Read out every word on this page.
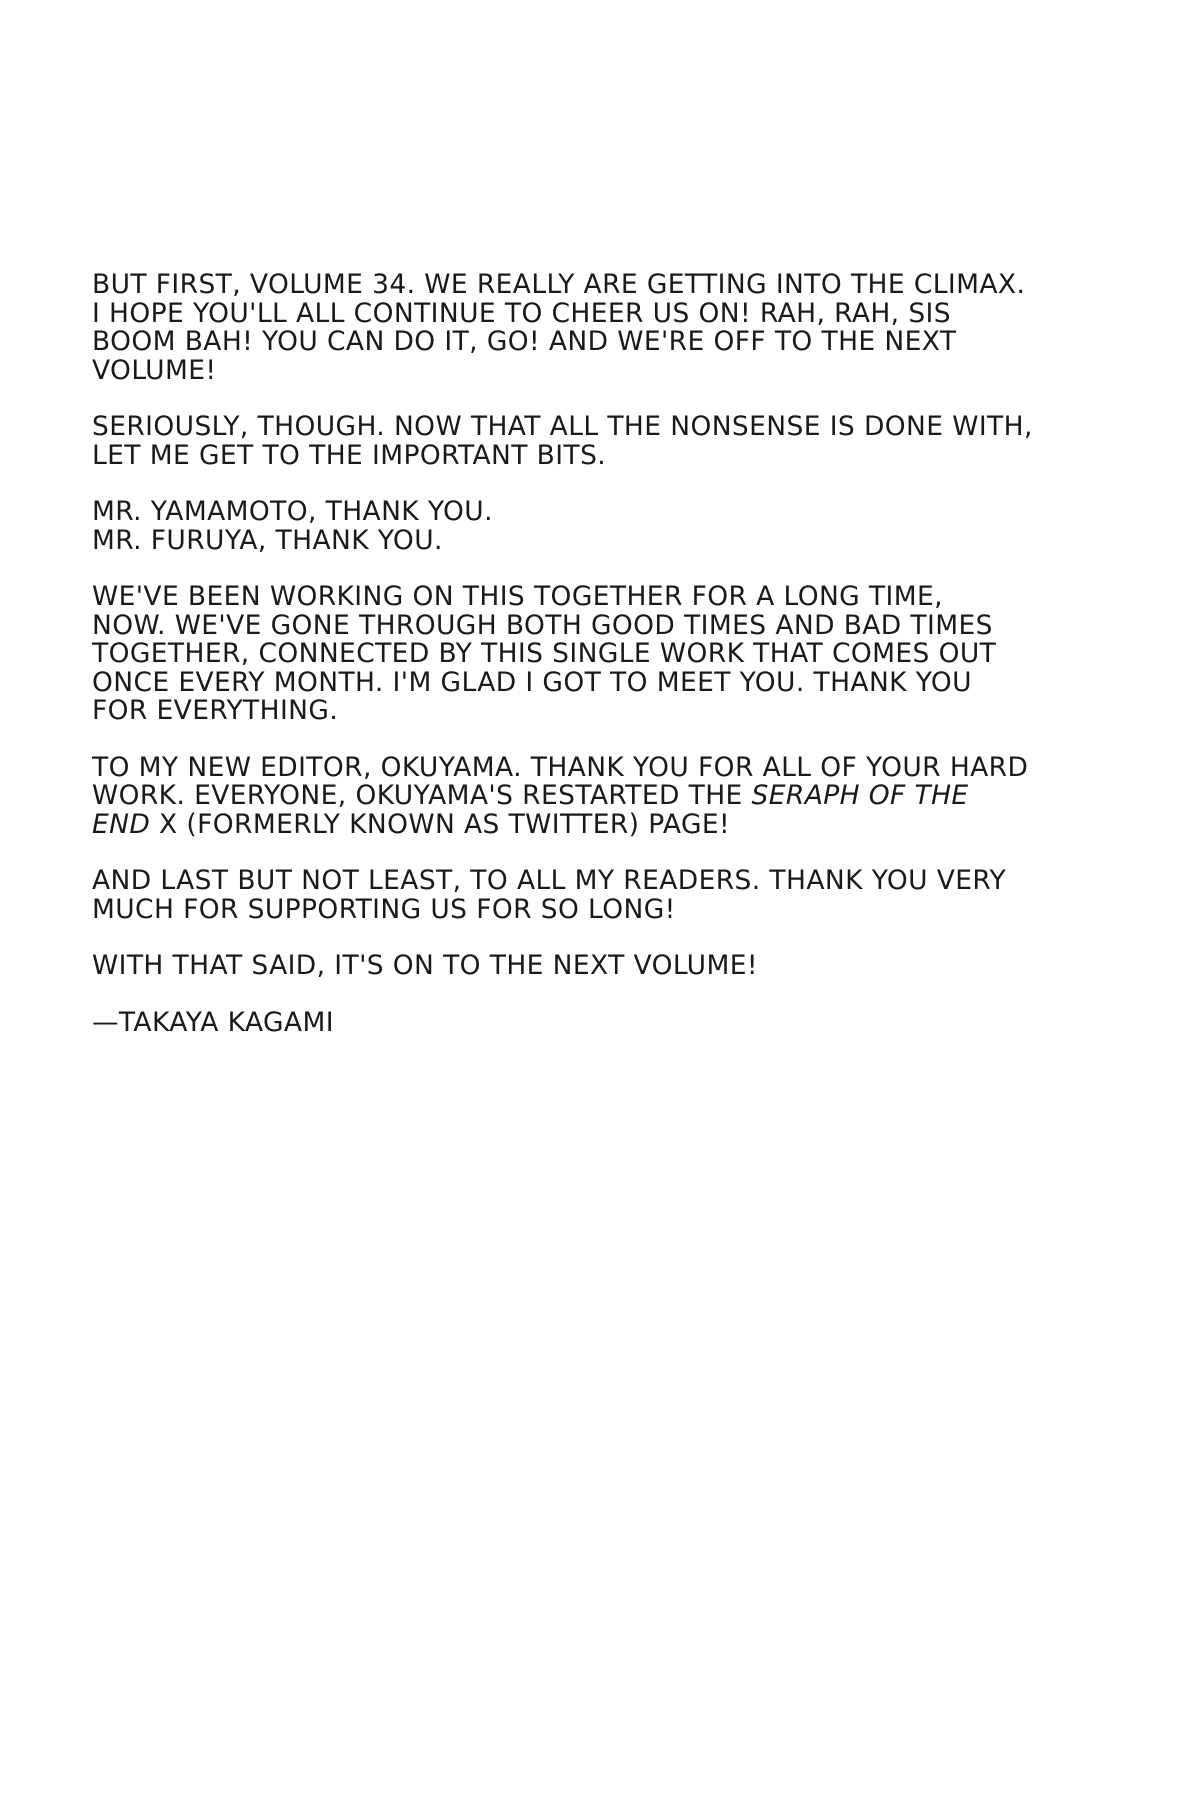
BUT FIRST, VOLUME 34. WE REALLY ARE GETTING INTO THE CLIMAX.
I HOPE YOU'LL ALL CONTINUE TO CHEER US ON! RAH, RAH, SIS
BOOM BAH! YOU CAN DO IT, GO! AND WE'RE OFF TO THE NEXT
VOLUME!

SERIOUSLY, THOUGH. NOW THAT ALL THE NONSENSE IS DONE WITH,
LET ME GET TO THE IMPORTANT BITS.

MR. YAMAMOTO, THANK YOU.
MR. FURUYA, THANK YOU.

WE'VE BEEN WORKING ON THIS TOGETHER FOR A LONG TIME,
NOW. WE'VE GONE THROUGH BOTH GOOD TIMES AND BAD TIMES
TOGETHER, CONNECTED BY THIS SINGLE WORK THAT COMES OUT
ONCE EVERY MONTH. I'M GLAD I GOT TO MEET YOU. THANK YOU
FOR EVERYTHING.

TO MY NEW EDITOR, OKUYAMA. THANK YOU FOR ALL OF YOUR HARD
WORK. EVERYONE, OKUYAMA'S RESTARTED THE SERAPH OF THE
END X (FORMERLY KNOWN AS TWITTER) PAGE!

AND LAST BUT NOT LEAST, TO ALL MY READERS. THANK YOU VERY
MUCH FOR SUPPORTING US FOR SO LONG!

WITH THAT SAID, IT'S ON TO THE NEXT VOLUME!

—TAKAYA KAGAMI
